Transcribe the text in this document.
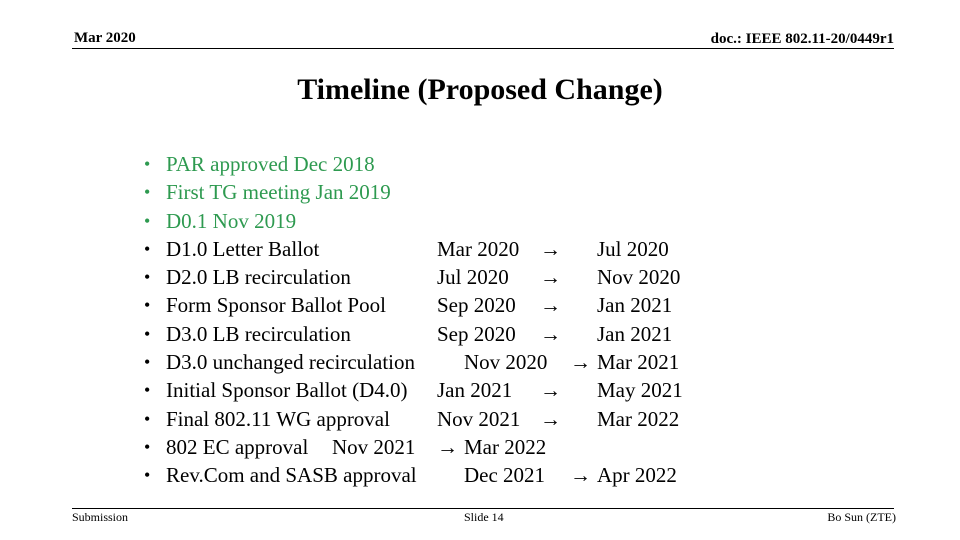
Mar 2020	doc.: IEEE 802.11-20/0449r1
Timeline (Proposed Change)
• PAR approved Dec 2018
• First TG meeting Jan 2019
• D0.1 Nov 2019
• D1.0 Letter Ballot	Mar 2020 → Jul 2020
• D2.0 LB recirculation	Jul 2020 → Nov 2020
• Form Sponsor Ballot Pool Sep 2020 → Jan 2021
• D3.0 LB recirculation	Sep 2020 → Jan 2021
• D3.0 unchanged recirculation Nov 2020 → Mar 2021
• Initial Sponsor Ballot (D4.0) Jan 2021 → May 2021
• Final 802.11 WG approval Nov 2021 → Mar 2022
• 802 EC approval Nov 2021 → Mar 2022
• Rev.Com and SASB approval Dec 2021 → Apr 2022
Submission	Slide 14	Bo Sun (ZTE)
